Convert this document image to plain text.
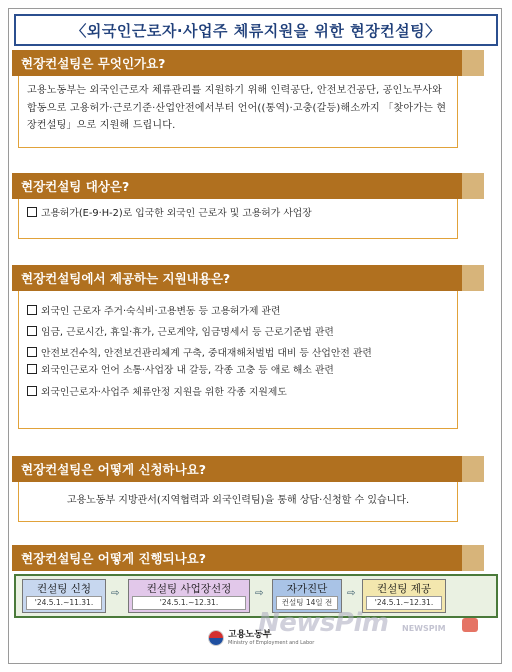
〈외국인근로자·사업주 체류지원을 위한 현장컨설팅〉
현장컨설팅은 무엇인가요?
고용노동부는 외국인근로자 체류관리를 지원하기 위해 인력공단, 안전보건공단, 공인노무사와 합동으로 고용허가·근로기준·산업안전에서부터 언어((통역)·고충(갈등)해소까지 「찾아가는 현장컨설팅」으로 지원해 드립니다.
현장컨설팅 대상은?
고용허가(E-9·H-2)로 입국한 외국인 근로자 및 고용허가 사업장
현장컨설팅에서 제공하는 지원내용은?
외국인 근로자 주거·숙식비·고용변동 등 고용허가제 관련
임금, 근로시간, 휴일·휴가, 근로계약, 임금명세서 등 근로기준법 관련
안전보건수칙, 안전보건관리체계 구축, 중대재해처벌법 대비 등 산업안전 관련
외국인근로자 언어 소통·사업장 내 갈등, 각종 고충 등 애로 해소 관련
외국인근로자·사업주 체류안정 지원을 위한 각종 지원제도
현장컨설팅은 어떻게 신청하나요?
고용노동부 지방관서(지역협력과 외국인력팀)을 통해 상담·신청할 수 있습니다.
현장컨설팅은 어떻게 진행되나요?
컨설팅 신청
'24.5.1.~11.31.
⇨	컨설팅 사업장선정
'24.5.1.~12.31.
⇨	자가진단
컨설팅 14일 전
⇨	컨설팅 제공
'24.5.1.~12.31.
고용노동부
Ministry of Employment and Labor
NewsPim NEWSPIM
